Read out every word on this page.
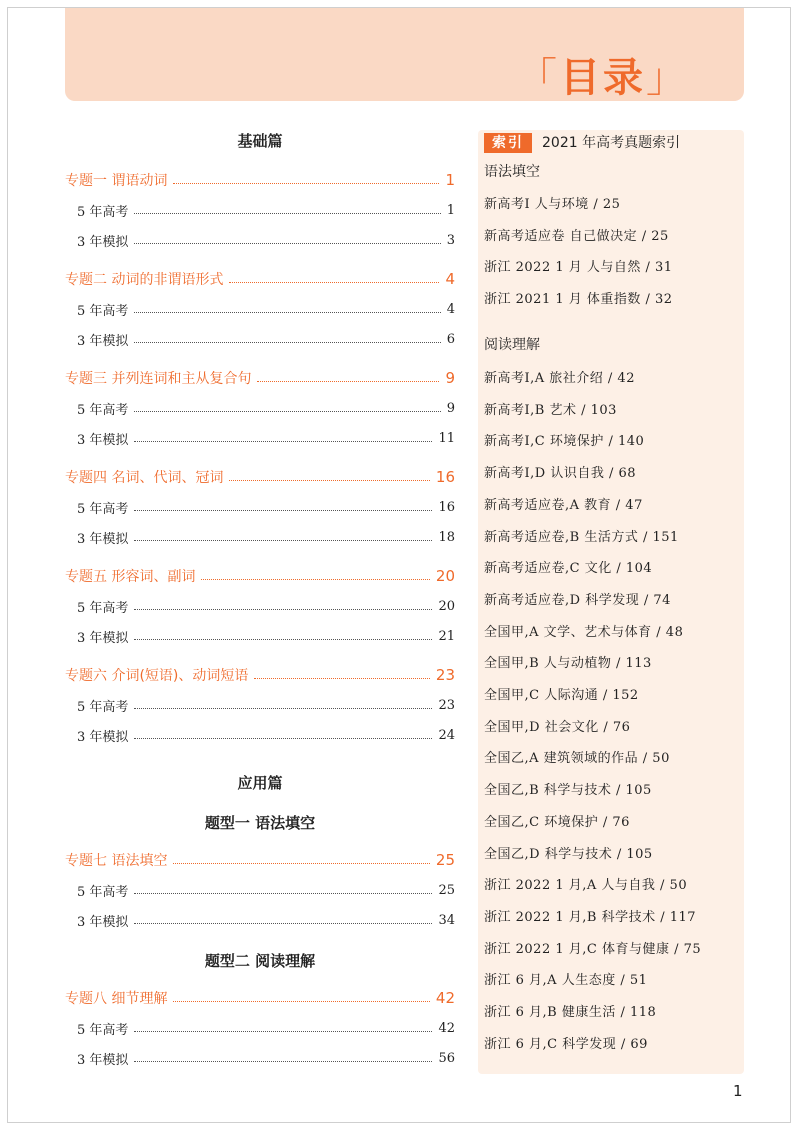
「目录」
基础篇
专题一 谓语动词	1
5 年高考	1
3 年模拟	3
专题二 动词的非谓语形式	4
5 年高考	4
3 年模拟	6
专题三 并列连词和主从复合句	9
5 年高考	9
3 年模拟	11
专题四 名词、代词、冠词	16
5 年高考	16
3 年模拟	18
专题五 形容词、副词	20
5 年高考	20
3 年模拟	21
专题六 介词(短语)、动词短语	23
5 年高考	23
3 年模拟	24
应用篇
题型一 语法填空
专题七 语法填空	25
5 年高考	25
3 年模拟	34
题型二 阅读理解
专题八 细节理解	42
5 年高考	42
3 年模拟	56
索引	2021 年高考真题索引
语法填空
新高考Ⅰ 人与环境 / 25
新高考适应卷 自己做决定 / 25
浙江 2022 1 月 人与自然 / 31
浙江 2021 1 月 体重指数 / 32
阅读理解
新高考Ⅰ,A 旅社介绍 / 42
新高考Ⅰ,B 艺术 / 103
新高考Ⅰ,C 环境保护 / 140
新高考Ⅰ,D 认识自我 / 68
新高考适应卷,A 教育 / 47
新高考适应卷,B 生活方式 / 151
新高考适应卷,C 文化 / 104
新高考适应卷,D 科学发现 / 74
全国甲,A 文学、艺术与体育 / 48
全国甲,B 人与动植物 / 113
全国甲,C 人际沟通 / 152
全国甲,D 社会文化 / 76
全国乙,A 建筑领域的作品 / 50
全国乙,B 科学与技术 / 105
全国乙,C 环境保护 / 76
全国乙,D 科学与技术 / 105
浙江 2022 1 月,A 人与自我 / 50
浙江 2022 1 月,B 科学技术 / 117
浙江 2022 1 月,C 体育与健康 / 75
浙江 6 月,A 人生态度 / 51
浙江 6 月,B 健康生活 / 118
浙江 6 月,C 科学发现 / 69
1
